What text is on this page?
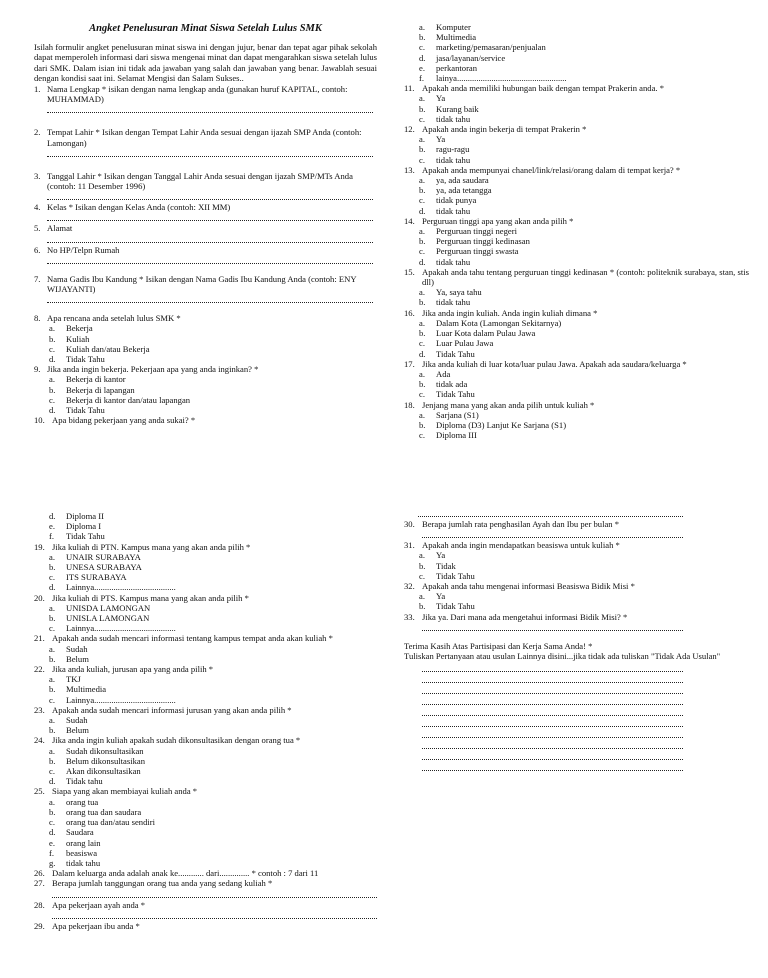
Angket Penelusuran Minat Siswa Setelah Lulus SMK

Isilah formulir angket penelusuran minat siswa ini dengan jujur, benar dan tepat agar pihak sekolah dapat memperoleh informasi dari siswa mengenai minat dan dapat mengarahkan siswa setelah lulus dari SMK. Dalam isian ini tidak ada jawaban yang salah dan jawaban yang benar. Jawablah sesuai dengan kondisi saat ini. Selamat Mengisi dan Salam Sukses..

1. Nama Lengkap * isikan dengan nama lengkap anda (gunakan huruf KAPITAL, contoh: MUHAMMAD)
2. Tempat Lahir * Isikan dengan Tempat Lahir Anda sesuai dengan ijazah SMP Anda (contoh: Lamongan)
3. Tanggal Lahir * Isikan dengan Tanggal Lahir Anda sesuai dengan ijazah SMP/MTs Anda (contoh: 11 Desember 1996)
4. Kelas * Isikan dengan Kelas Anda (contoh: XII MM)
5. Alamat
6. No HP/Telpn Rumah
7. Nama Gadis Ibu Kandung * Isikan dengan Nama Gadis Ibu Kandung Anda (contoh: ENY WIJAYANTI)
8. Apa rencana anda setelah lulus SMK *
a.	Bekerja
b.	Kuliah
c.	Kuliah dan/atau Bekerja
d.	Tidak Tahu
9. Jika anda ingin bekerja. Pekerjaan apa yang anda inginkan? *
a.	Bekerja di kantor
b.	Bekerja di lapangan
c.	Bekerja di kantor dan/atau lapangan
d.	Tidak Tahu
10. Apa bidang pekerjaan yang anda sukai? *
a.	Komputer
b.	Multimedia
c.	marketing/pemasaran/penjualan
d.	jasa/layanan/service
e.	perkantoran
f.	lainya...................................................
11. Apakah anda memiliki hubungan baik dengan tempat Prakerin anda. *
a.	Ya
b.	Kurang baik
c.	tidak tahu
12. Apakah anda ingin bekerja di tempat Prakerin *
a.	Ya
b.	ragu-ragu
c.	tidak tahu
13. Apakah anda mempunyai chanel/link/relasi/orang dalam di tempat kerja? *
a.	ya, ada saudara
b.	ya, ada tetangga
c.	tidak punya
d.	tidak tahu
14. Perguruan tinggi apa yang akan anda pilih *
a.	Perguruan tinggi negeri
b.	Perguruan tinggi kedinasan
c.	Perguruan tinggi swasta
d.	tidak tahu
15. Apakah anda tahu tentang perguruan tinggi kedinasan * (contoh: politeknik surabaya, stan, stis dll)
a.	Ya, saya tahu
b.	tidak tahu
16. Jika anda ingin kuliah. Anda ingin kuliah dimana *
a.	Dalam Kota (Lamongan Sekitarnya)
b.	Luar Kota dalam Pulau Jawa
c.	Luar Pulau Jawa
d.	Tidak Tahu
17. Jika anda kuliah di luar kota/luar pulau Jawa. Apakah ada saudara/keluarga *
a.	Ada
b.	tidak ada
c.	Tidak Tahu
18. Jenjang mana yang akan anda pilih untuk kuliah *
a.	Sarjana (S1)
b.	Diploma (D3) Lanjut Ke Sarjana (S1)
c.	Diploma III
d.	Diploma II
e.	Diploma I
f.	Tidak Tahu
19. Jika kuliah di PTN. Kampus mana yang akan anda pilih *
a.	UNAIR SURABAYA
b.	UNESA SURABAYA
c.	ITS SURABAYA
d.	Lainnya......................................
20. Jika kuliah di PTS. Kampus mana yang akan anda pilih *
a.	UNISDA LAMONGAN
b.	UNISLA LAMONGAN
c.	Lainnya......................................
21. Apakah anda sudah mencari informasi tentang kampus tempat anda akan kuliah *
a.	Sudah
b.	Belum
22. Jika anda kuliah, jurusan apa yang anda pilih *
a.	TKJ
b.	Multimedia
c.	Lainnya......................................
23. Apakah anda sudah mencari informasi jurusan yang akan anda pilih *
a.	Sudah
b.	Belum
24. Jika anda ingin kuliah apakah sudah dikonsultasikan dengan orang tua *
a.	Sudah dikonsultasikan
b.	Belum dikonsultasikan
c.	Akan dikonsultasikan
d.	Tidak tahu
25. Siapa yang akan membiayai kuliah anda *
a.	orang tua
b.	orang tua dan saudara
c.	orang tua dan/atau sendiri
d.	Saudara
e.	orang lain
f.	beasiswa
g.	tidak tahu
26. Dalam keluarga anda adalah anak ke............ dari.............. * contoh : 7 dari 11
27. Berapa jumlah tanggungan orang tua anda yang sedang kuliah *
28. Apa pekerjaan ayah anda *
29. Apa pekerjaan ibu anda *
30. Berapa jumlah rata penghasilan Ayah dan Ibu per bulan *
31. Apakah anda ingin mendapatkan beasiswa untuk kuliah *
a.	Ya
b.	Tidak
c.	Tidak Tahu
32. Apakah anda tahu mengenai informasi Beasiswa Bidik Misi *
a.	Ya
b.	Tidak Tahu
33. Jika ya. Dari mana ada mengetahui informasi Bidik Misi? *

Terima Kasih Atas Partisipasi dan Kerja Sama Anda! *

Tuliskan Pertanyaan atau usulan Lainnya disini...jika tidak ada tuliskan "Tidak Ada Usulan"
